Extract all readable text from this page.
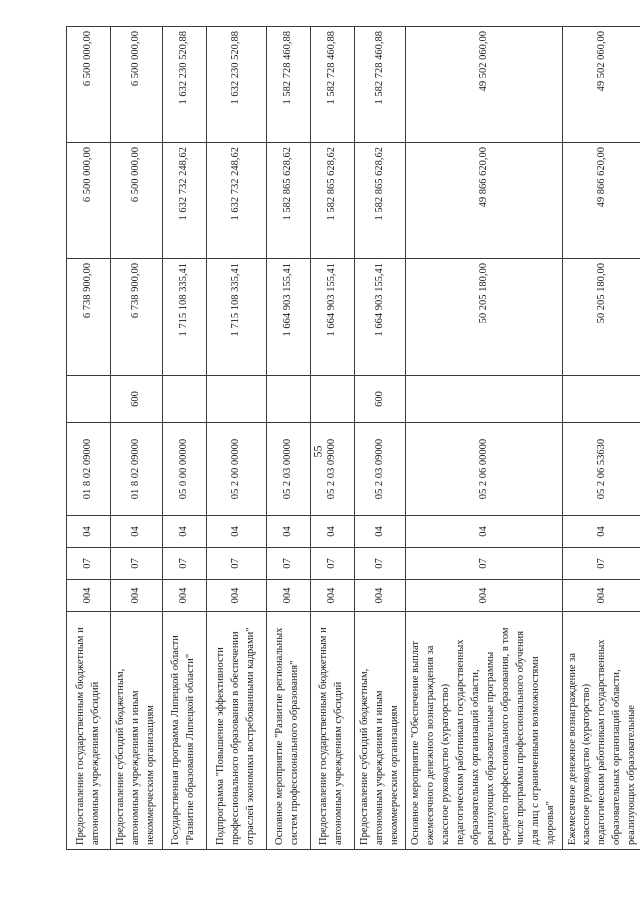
Предоставление государственным бюджетным и автономным учреждениям субсидий	004	07	04	01 8 02 09000		6 738 900,00	6 500 000,00	6 500 000,00
Предоставление субсидий бюджетным, автономным учреждениям и иным некоммерческим организациям	004	07	04	01 8 02 09000	600	6 738 900,00	6 500 000,00	6 500 000,00
Государственная программа Липецкой области "Развитие образования Липецкой области"	004	07	04	05 0 00 00000		1 715 108 335,41	1 632 732 248,62	1 632 230 520,88
Подпрограмма "Повышение эффективности профессионального образования в обеспечении отраслей экономики востребованными кадрами"	004	07	04	05 2 00 00000		1 715 108 335,41	1 632 732 248,62	1 632 230 520,88
Основное мероприятие "Развитие региональных систем профессионального образования"	004	07	04	05 2 03 00000		1 664 903 155,41	1 582 865 628,62	1 582 728 460,88
Предоставление государственным бюджетным и автономным учреждениям субсидий	004	07	04	05 2 03 09000		1 664 903 155,41	1 582 865 628,62	1 582 728 460,88
Предоставление субсидий бюджетным, автономным учреждениям и иным некоммерческим организациям	004	07	04	05 2 03 09000	600	1 664 903 155,41	1 582 865 628,62	1 582 728 460,88
Основное мероприятие "Обеспечение выплат ежемесячного денежного вознаграждения за классное руководство (кураторство) педагогическим работникам государственных образовательных организаций области, реализующих образовательные программы среднего профессионального образования, в том числе программы профессионального обучения для лиц с ограниченными возможностями здоровья"	004	07	04	05 2 06 00000		50 205 180,00	49 866 620,00	49 502 060,00
Ежемесячное денежное вознаграждение за классное руководство (кураторство) педагогическим работникам государственных образовательных организаций области, реализующих образовательные	004	07	04	05 2 06 53630		50 205 180,00	49 866 620,00	49 502 060,00
55
